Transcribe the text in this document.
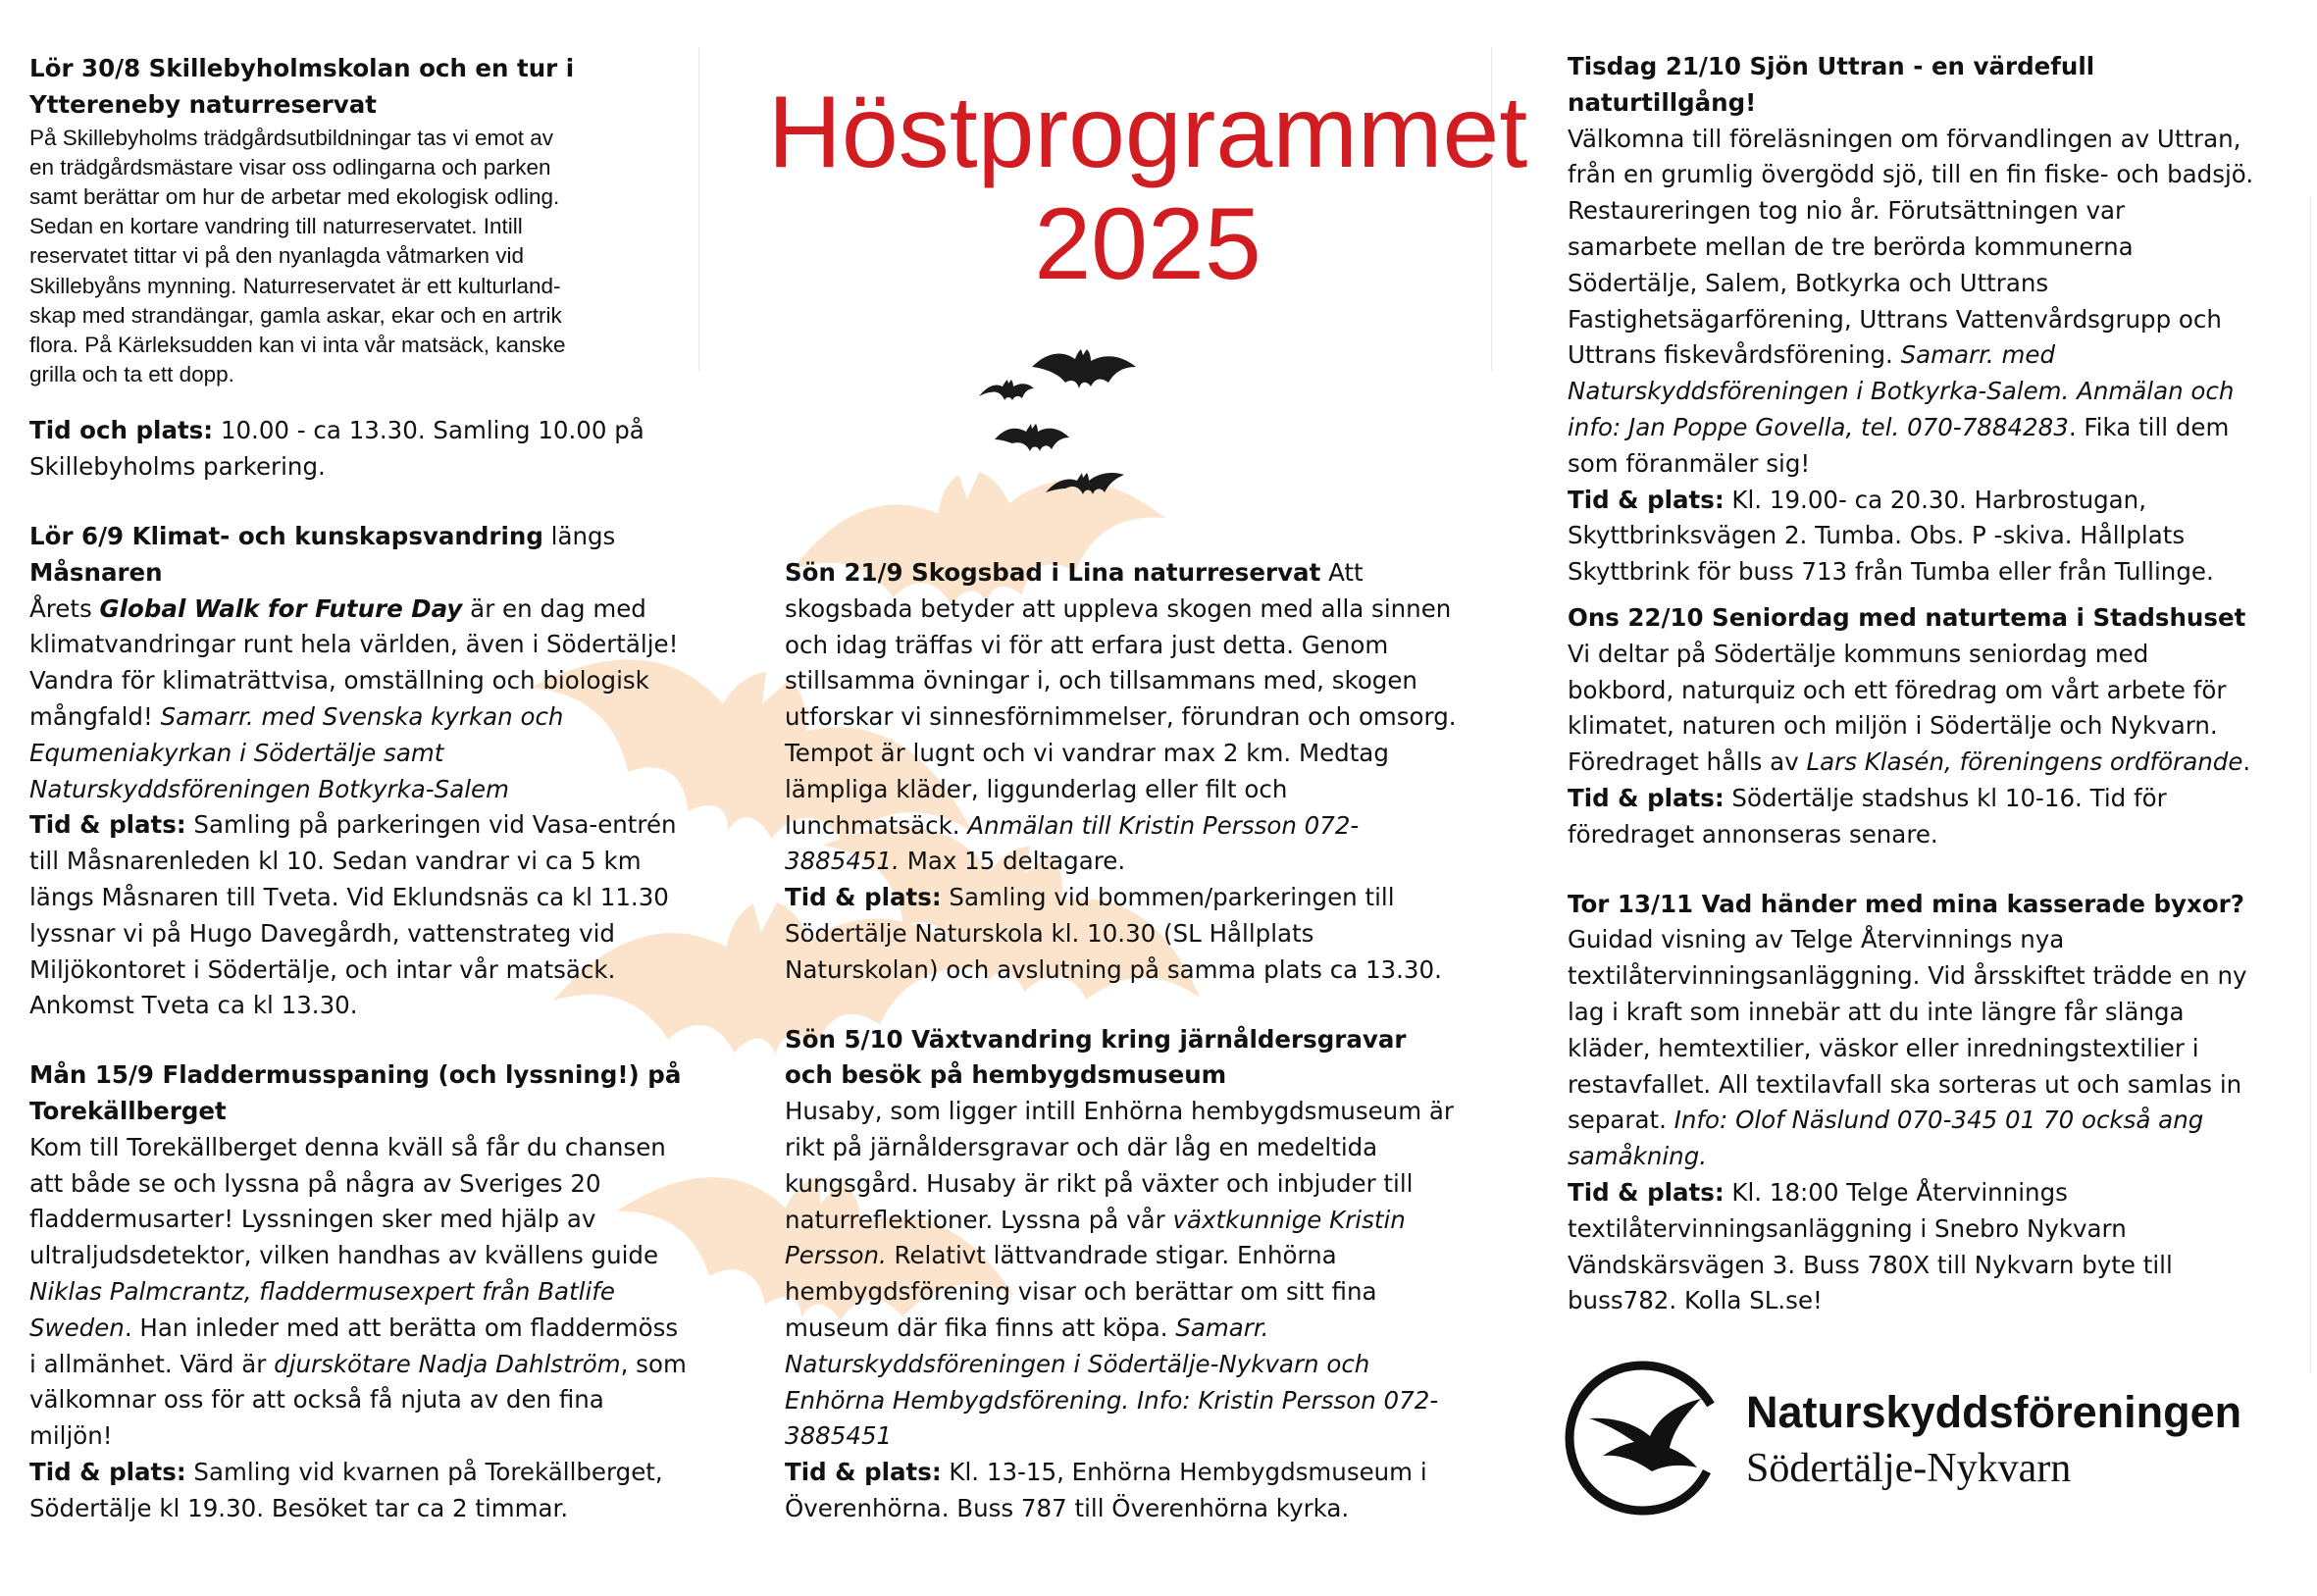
Lör 30/8 Skillebyholmskolan och en tur i Yttereneby naturreservat

På Skillebyholms trädgårdsutbildningar tas vi emot av

en trädgårdsmästare visar oss odlingarna och parken

samt berättar om hur de arbetar med ekologisk odling.

Sedan en kortare vandring till naturreservatet. Intill

reservatet tittar vi på den nyanlagda våtmarken vid

Skillebyåns mynning. Naturreservatet är ett kulturland-

skap med strandängar, gamla askar, ekar och en artrik

flora. På Kärleksudden kan vi inta vår matsäck, kanske

grilla och ta ett dopp.

Tid och plats: 10.00 - ca 13.30. Samling 10.00 på Skillebyholms parkering.

Lör 6/9 Klimat- och kunskapsvandring längs

Måsnaren

Årets Global Walk for Future Day är en dag med klimatvandringar runt hela världen, även i Södertälje! Vandra för klimaträttvisa, omställning och biologisk mångfald! Samarr. med Svenska kyrkan och Equmeniakyrkan i Södertälje samt Naturskyddsföreningen Botkyrka-Salem

Tid & plats: Samling på parkeringen vid Vasa-entrén till Måsnarenleden kl 10. Sedan vandrar vi ca 5 km längs Måsnaren till Tveta. Vid Eklundsnäs ca kl 11.30 lyssnar vi på Hugo Davegårdh, vattenstrateg vid Miljökontoret i Södertälje, och intar vår matsäck. Ankomst Tveta ca kl 13.30.

Mån 15/9 Fladdermusspaning (och lyssning!) på Torekällberget

Kom till Torekällberget denna kväll så får du chansen att både se och lyssna på några av Sveriges 20 fladdermusarter! Lyssningen sker med hjälp av ultraljudsdetektor, vilken handhas av kvällens guide Niklas Palmcrantz, fladdermusexpert från Batlife Sweden. Han inleder med att berätta om fladdermöss i allmänhet. Värd är djurskötare Nadja Dahlström, som välkomnar oss för att också få njuta av den fina miljön!

Tid & plats: Samling vid kvarnen på Torekällberget, Södertälje kl 19.30. Besöket tar ca 2 timmar.

Höstprogrammet
2025

Sön 21/9 Skogsbad i Lina naturreservat Att skogsbada betyder att uppleva skogen med alla sinnen och idag träffas vi för att erfara just detta. Genom stillsamma övningar i, och tillsammans med, skogen utforskar vi sinnesförnimmelser, förundran och omsorg. Tempot är lugnt och vi vandrar max 2 km. Medtag lämpliga kläder, liggunderlag eller filt och lunchmatsäck. Anmälan till Kristin Persson 072-3885451. Max 15 deltagare.

Tid & plats: Samling vid bommen/parkeringen till Södertälje Naturskola kl. 10.30 (SL Hållplats Naturskolan) och avslutning på samma plats ca 13.30.

Sön 5/10 Växtvandring kring järnåldersgravar och besök på hembygdsmuseum

Husaby, som ligger intill Enhörna hembygdsmuseum är rikt på järnåldersgravar och där låg en medeltida kungsgård. Husaby är rikt på växter och inbjuder till naturreflektioner. Lyssna på vår växtkunnige Kristin Persson. Relativt lättvandrade stigar. Enhörna hembygdsförening visar och berättar om sitt fina museum där fika finns att köpa. Samarr. Naturskyddsföreningen i Södertälje-Nykvarn och Enhörna Hembygdsförening. Info: Kristin Persson 072-3885451

Tid & plats: Kl. 13-15, Enhörna Hembygdsmuseum i Överenhörna. Buss 787 till Överenhörna kyrka.

Tisdag 21/10 Sjön Uttran - en värdefull naturtillgång!

Välkomna till föreläsningen om förvandlingen av Uttran, från en grumlig övergödd sjö, till en fin fiske- och badsjö. Restaureringen tog nio år. Förutsättningen var samarbete mellan de tre berörda kommunerna Södertälje, Salem, Botkyrka och Uttrans Fastighetsägarförening, Uttrans Vattenvårdsgrupp och Uttrans fiskevårdsförening. Samarr. med Naturskyddsföreningen i Botkyrka-Salem. Anmälan och info: Jan Poppe Govella, tel. 070-7884283. Fika till dem som föranmäler sig!

Tid & plats: Kl. 19.00- ca 20.30. Harbrostugan, Skyttbrinksvägen 2. Tumba. Obs. P -skiva. Hållplats Skyttbrink för buss 713 från Tumba eller från Tullinge.

Ons 22/10 Seniordag med naturtema i Stadshuset

Vi deltar på Södertälje kommuns seniordag med bokbord, naturquiz och ett föredrag om vårt arbete för klimatet, naturen och miljön i Södertälje och Nykvarn. Föredraget hålls av Lars Klasén, föreningens ordförande.

Tid & plats: Södertälje stadshus kl 10-16. Tid för föredraget annonseras senare.

Tor 13/11 Vad händer med mina kasserade byxor?

Guidad visning av Telge Återvinnings nya textilåtervinningsanläggning. Vid årsskiftet trädde en ny lag i kraft som innebär att du inte längre får slänga kläder, hemtextilier, väskor eller inredningstextilier i restavfallet. All textilavfall ska sorteras ut och samlas in separat. Info: Olof Näslund 070-345 01 70 också ang samåkning.

Tid & plats: Kl. 18:00 Telge Återvinnings textilåtervinningsanläggning i Snebro Nykvarn Vändskärsvägen 3. Buss 780X till Nykvarn byte till buss782. Kolla SL.se!

Naturskyddsföreningen

Södertälje-Nykvarn
